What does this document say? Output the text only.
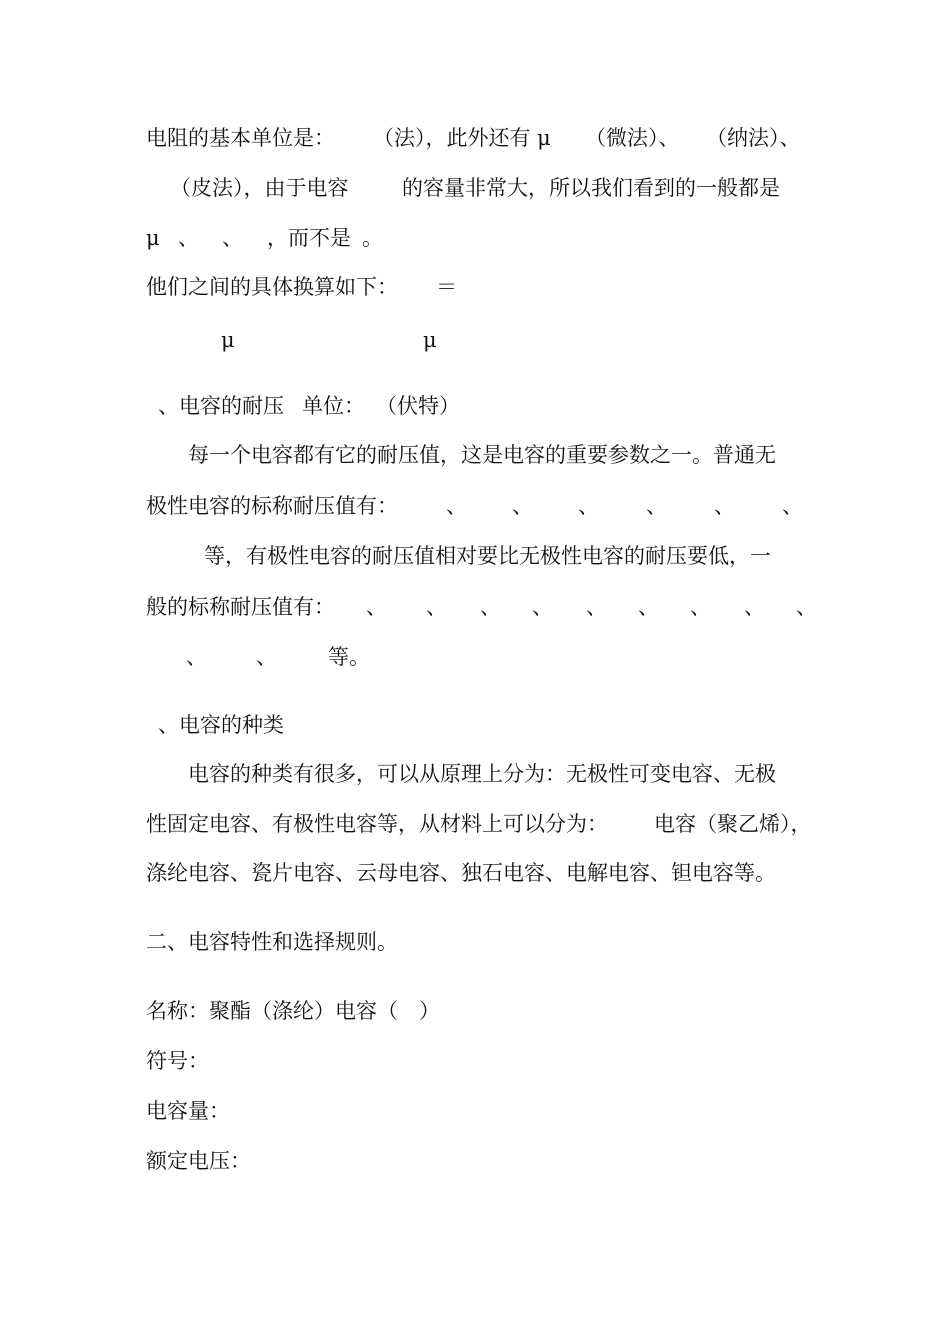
电阻的基本单位是：

（法），此外还有 μ

（微法）、

（纳法）、

（皮法），由于电容

	的容量非常大，所以我们看到的一般都是

μ

、

、

，而不是

。

他们之间的具体换算如下：

＝

μ

	μ

、电容的耐压

单位：

（伏特）

每一个电容都有它的耐压值，这是电容的重要参数之一。普通无

极性电容的标称耐压值有：

、

、

、

、

、

、

等，有极性电容的耐压值相对要比无极性电容的耐压要低，一

般的标称耐压值有：

、

、

、

、

、

、

、

、

、

、

、

等。

、电容的种类
电容的种类有很多，可以从原理上分为：无极性可变电容、无极

性固定电容、有极性电容等，从材料上可以分为：

电容（聚乙烯），

涤纶电容、瓷片电容、云母电容、独石电容、电解电容、钽电容等。
二、电容特性和选择规则。
名称：聚酯（涤纶）电容（　）
符号：
电容量：
额定电压：
